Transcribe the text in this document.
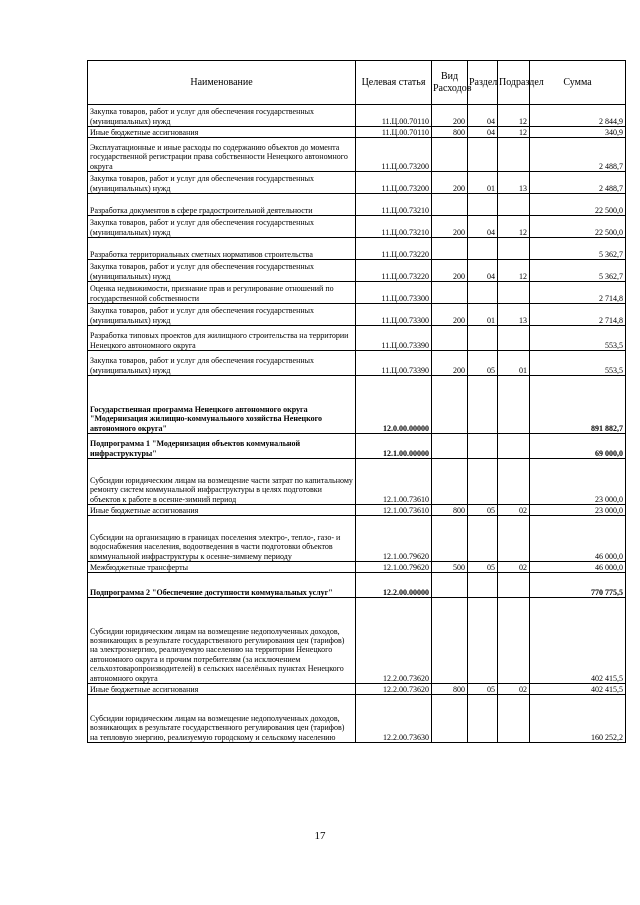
Наименование	Целевая статья	Вид Расходов	Раздел	Подраздел	Сумма
Закупка товаров, работ и услуг для обеспечения государственных (муниципальных) нужд	11.Ц.00.70110	200	04	12	2 844,9
Иные бюджетные ассигнования	11.Ц.00.70110	800	04	12	340,9
Эксплуатационные и иные расходы по содержанию объектов до момента государственной регистрации права собственности Ненецкого автономного округа	11.Ц.00.73200				2 488,7
Закупка товаров, работ и услуг для обеспечения государственных (муниципальных) нужд	11.Ц.00.73200	200	01	13	2 488,7
Разработка документов в сфере градостроительной деятельности	11.Ц.00.73210				22 500,0
Закупка товаров, работ и услуг для обеспечения государственных (муниципальных) нужд	11.Ц.00.73210	200	04	12	22 500,0
Разработка территориальных сметных нормативов строительства	11.Ц.00.73220				5 362,7
Закупка товаров, работ и услуг для обеспечения государственных (муниципальных) нужд	11.Ц.00.73220	200	04	12	5 362,7
Оценка недвижимости, признание прав и регулирование отношений по государственной собственности	11.Ц.00.73300				2 714,8
Закупка товаров, работ и услуг для обеспечения государственных (муниципальных) нужд	11.Ц.00.73300	200	01	13	2 714,8
Разработка типовых проектов для жилищного строительства на территории Ненецкого автономного округа	11.Ц.00.73390				553,5
Закупка товаров, работ и услуг для обеспечения государственных (муниципальных) нужд	11.Ц.00.73390	200	05	01	553,5
Государственная программа Ненецкого автономного округа "Модернизация жилищно-коммунального хозяйства Ненецкого автономного округа"	12.0.00.00000				891 882,7
Подпрограмма 1 "Модернизация объектов коммунальной инфраструктуры"	12.1.00.00000				69 000,0
Субсидии юридическим лицам на возмещение части затрат по капитальному ремонту систем коммунальной инфраструктуры в целях подготовки объектов к работе в осенне-зимний период	12.1.00.73610				23 000,0
Иные бюджетные ассигнования	12.1.00.73610	800	05	02	23 000,0
Субсидии на организацию в границах поселения электро-, тепло-, газо- и водоснабжения населения, водоотведения в части подготовки объектов коммунальной инфраструктуры к осенне-зимнему периоду	12.1.00.79620				46 000,0
Межбюджетные трансферты	12.1.00.79620	500	05	02	46 000,0
Подпрограмма 2 "Обеспечение доступности коммунальных услуг"	12.2.00.00000				770 775,5
Субсидии юридическим лицам на возмещение недополученных доходов, возникающих в результате государственного регулирования цен (тарифов) на электроэнергию, реализуемую населению на территории Ненецкого автономного округа и прочим потребителям (за исключением сельхозтоваропроизводителей) в сельских населённых пунктах Ненецкого автономного округа	12.2.00.73620				402 415,5
Иные бюджетные ассигнования	12.2.00.73620	800	05	02	402 415,5
Субсидии юридическим лицам на возмещение недополученных доходов, возникающих в результате государственного регулирования цен (тарифов) на тепловую энергию, реализуемую городскому и сельскому населению	12.2.00.73630				160 252,2
17
